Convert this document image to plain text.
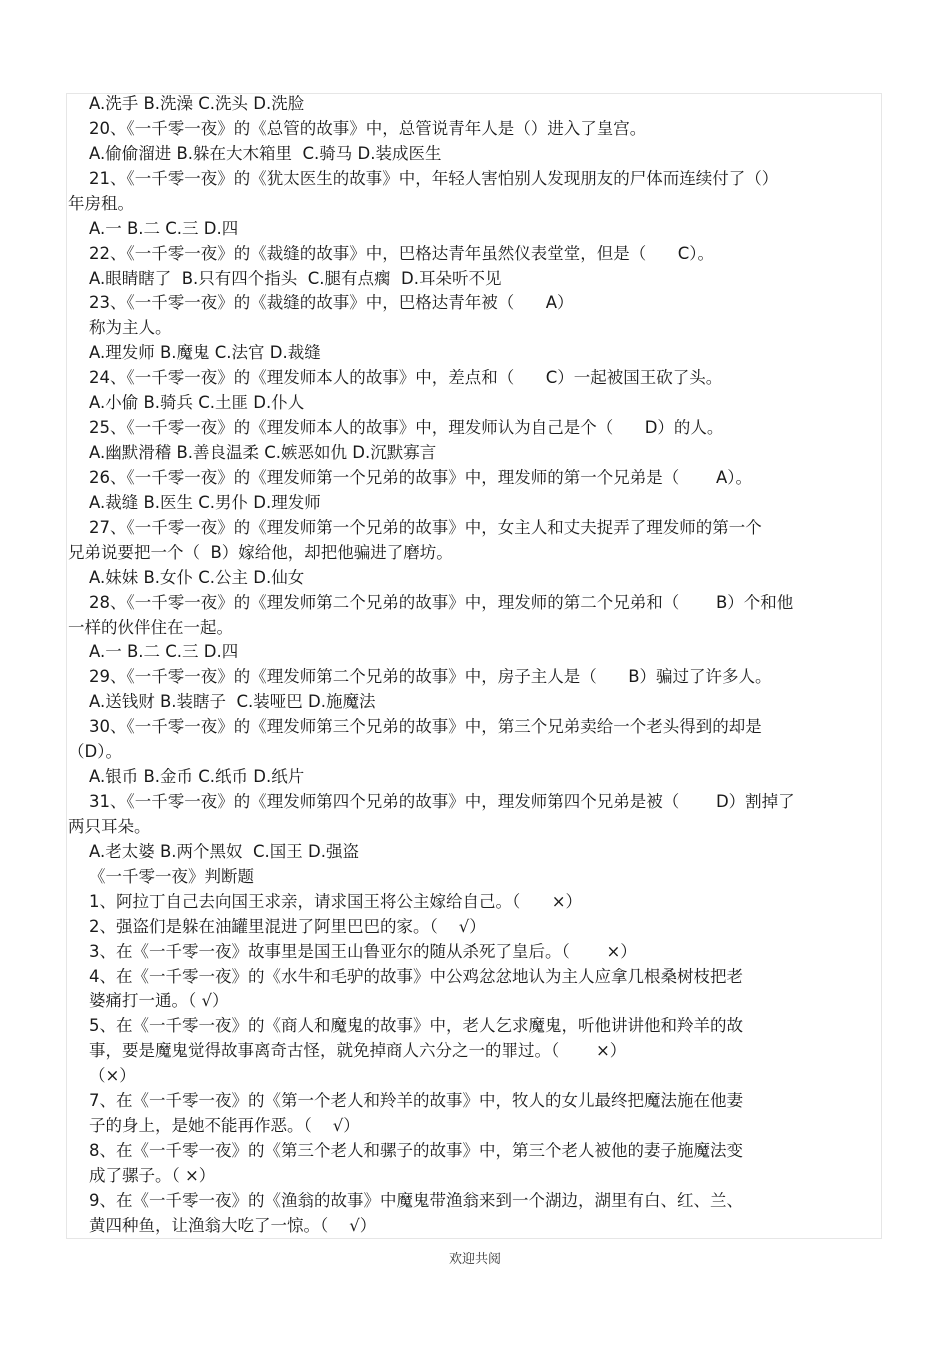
A.洗手 B.洗澡 C.洗头 D.洗脸
20、《一千零一夜》的《总管的故事》中，总管说青年人是（）进入了皇宫。
A.偷偷溜进 B.躲在大木箱里  C.骑马 D.装成医生
21、《一千零一夜》的《犹太医生的故事》中，年轻人害怕别人发现朋友的尸体而连续付了（）
年房租。
A.一 B.二 C.三 D.四
22、《一千零一夜》的《裁缝的故事》中，巴格达青年虽然仪表堂堂，但是（      C）。
A.眼睛瞎了  B.只有四个指头  C.腿有点瘸  D.耳朵听不见
23、《一千零一夜》的《裁缝的故事》中，巴格达青年被（      A）
称为主人。
A.理发师 B.魔鬼 C.法官 D.裁缝
24、《一千零一夜》的《理发师本人的故事》中，差点和（      C）一起被国王砍了头。
A.小偷 B.骑兵 C.土匪 D.仆人
25、《一千零一夜》的《理发师本人的故事》中，理发师认为自己是个（      D）的人。
A.幽默滑稽 B.善良温柔 C.嫉恶如仇 D.沉默寡言
26、《一千零一夜》的《理发师第一个兄弟的故事》中，理发师的第一个兄弟是（       A）。
A.裁缝 B.医生 C.男仆 D.理发师
27、《一千零一夜》的《理发师第一个兄弟的故事》中，女主人和丈夫捉弄了理发师的第一个
兄弟说要把一个（  B）嫁给他，却把他骗进了磨坊。
A.妹妹 B.女仆 C.公主 D.仙女
28、《一千零一夜》的《理发师第二个兄弟的故事》中，理发师的第二个兄弟和（       B）个和他
一样的伙伴住在一起。
A.一 B.二 C.三 D.四
29、《一千零一夜》的《理发师第二个兄弟的故事》中，房子主人是（      B）骗过了许多人。
A.送钱财 B.装瞎子  C.装哑巴 D.施魔法
30、《一千零一夜》的《理发师第三个兄弟的故事》中，第三个兄弟卖给一个老头得到的却是
（D）。
A.银币 B.金币 C.纸币 D.纸片
31、《一千零一夜》的《理发师第四个兄弟的故事》中，理发师第四个兄弟是被（       D）割掉了
两只耳朵。
A.老太婆 B.两个黑奴  C.国王 D.强盗
《一千零一夜》判断题
1、阿拉丁自己去向国王求亲，请求国王将公主嫁给自己。（      ×）
2、强盗们是躲在油罐里混进了阿里巴巴的家。（    √）
3、在《一千零一夜》故事里是国王山鲁亚尔的随从杀死了皇后。（       ×）
4、在《一千零一夜》的《水牛和毛驴的故事》中公鸡忿忿地认为主人应拿几根桑树枝把老
婆痛打一通。（ √）
5、在《一千零一夜》的《商人和魔鬼的故事》中，老人乞求魔鬼，听他讲讲他和羚羊的故
事，要是魔鬼觉得故事离奇古怪，就免掉商人六分之一的罪过。（       ×）
（×）
7、在《一千零一夜》的《第一个老人和羚羊的故事》中，牧人的女儿最终把魔法施在他妻
子的身上，是她不能再作恶。（    √）
8、在《一千零一夜》的《第三个老人和骡子的故事》中，第三个老人被他的妻子施魔法变
成了骡子。（ ×）
9、在《一千零一夜》的《渔翁的故事》中魔鬼带渔翁来到一个湖边，湖里有白、红、兰、
黄四种鱼，让渔翁大吃了一惊。（    √）
欢迎共阅
